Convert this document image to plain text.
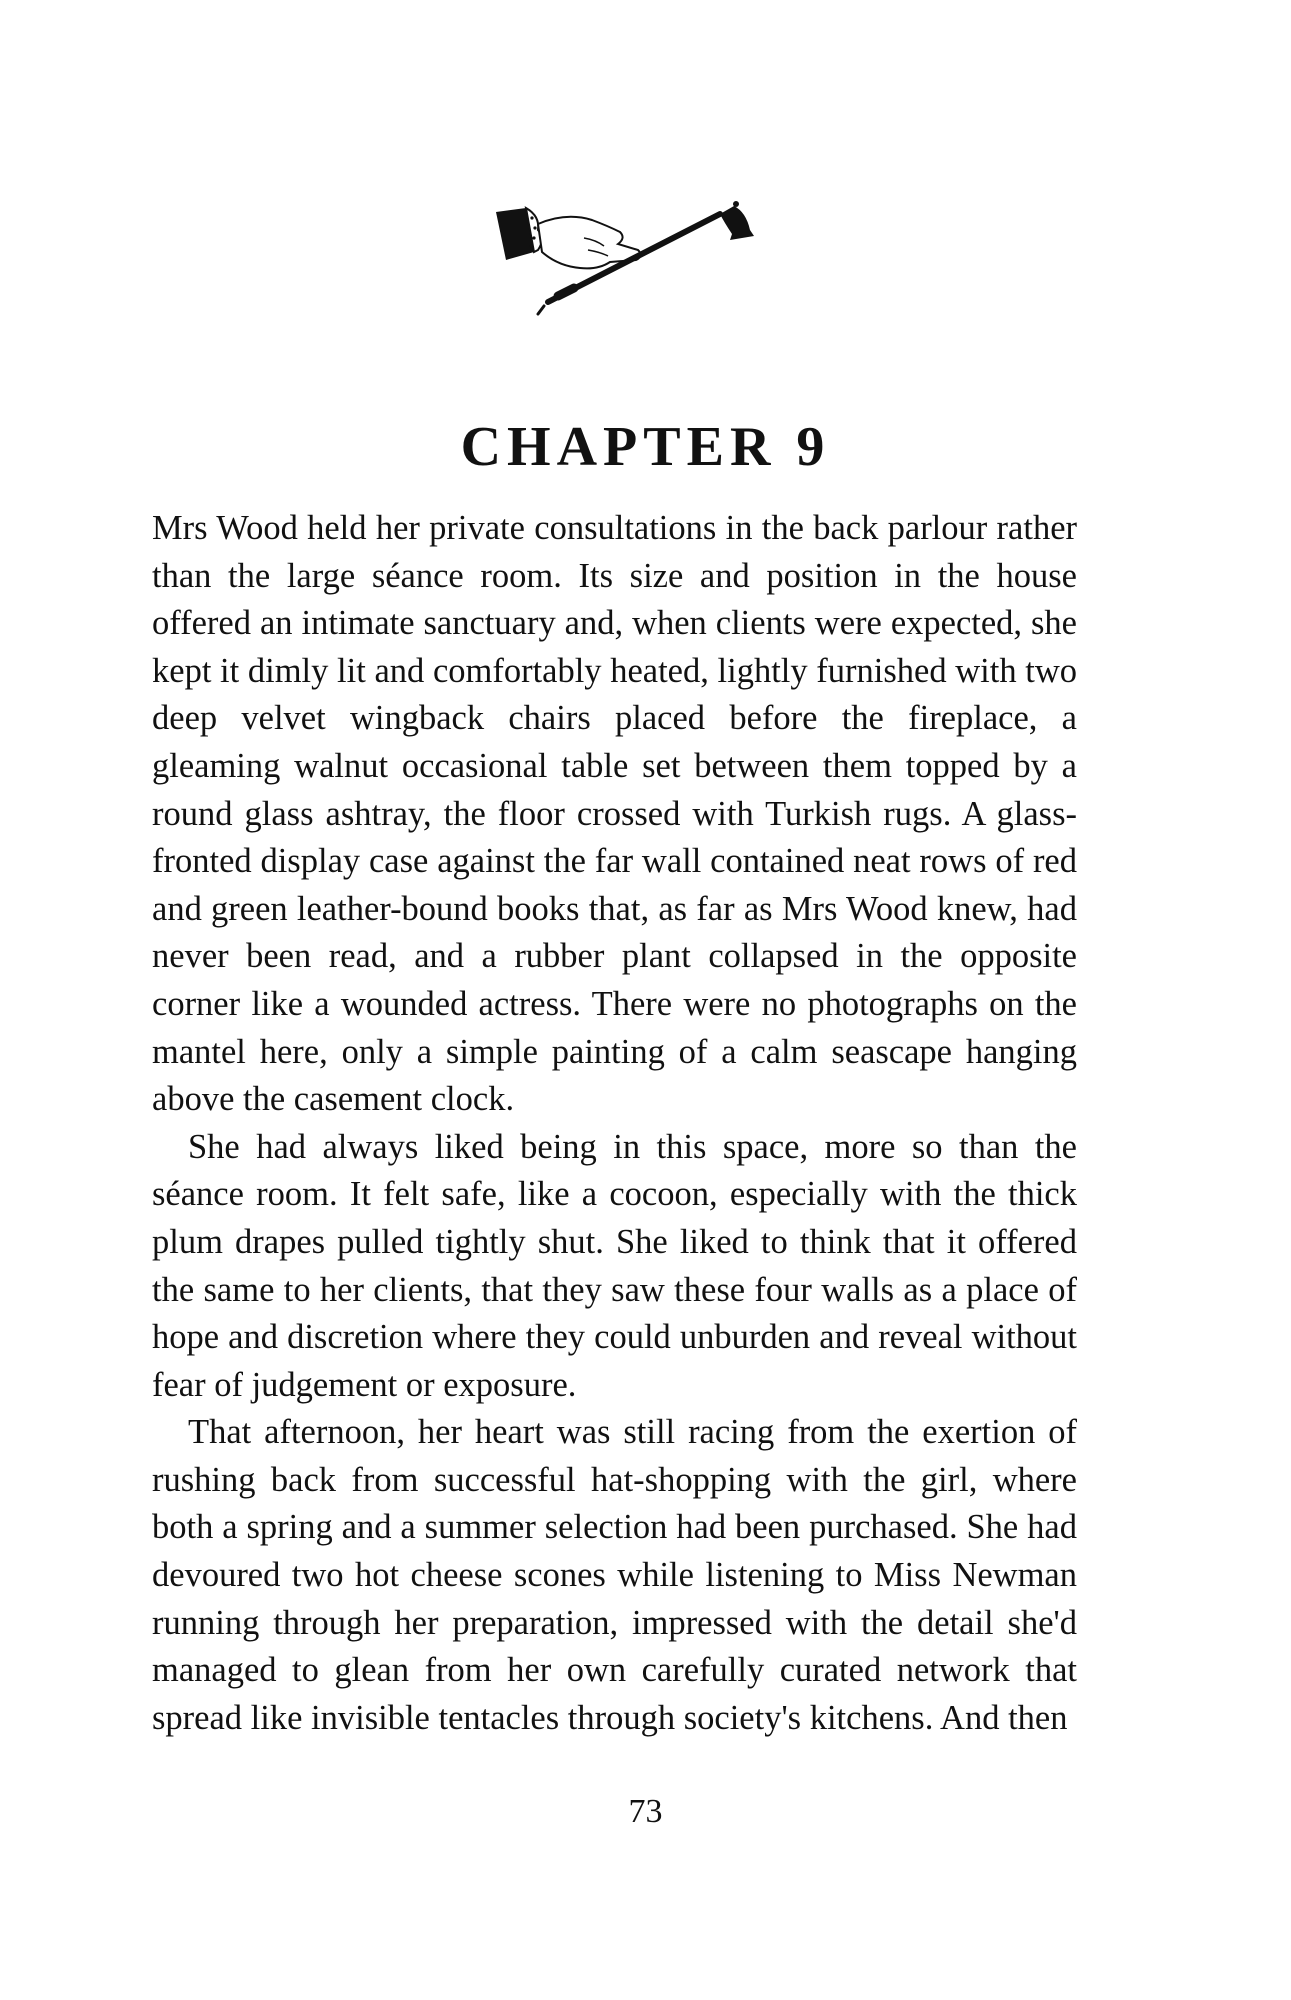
CHAPTER 9

Mrs Wood held her private consultations in the back parlour rather than the large séance room. Its size and position in the house offered an intimate sanctuary and, when clients were expected, she kept it dimly lit and comfortably heated, lightly furnished with two deep velvet wingback chairs placed before the fireplace, a gleaming walnut occasional table set between them topped by a round glass ashtray, the floor crossed with Turkish rugs. A glass-fronted display case against the far wall contained neat rows of red and green leather-bound books that, as far as Mrs Wood knew, had never been read, and a rubber plant collapsed in the opposite corner like a wounded actress. There were no photographs on the mantel here, only a simple painting of a calm seascape hanging above the casement clock.

She had always liked being in this space, more so than the séance room. It felt safe, like a cocoon, especially with the thick plum drapes pulled tightly shut. She liked to think that it offered the same to her clients, that they saw these four walls as a place of hope and discretion where they could unburden and reveal without fear of judgement or exposure.

That afternoon, her heart was still racing from the exertion of rushing back from successful hat-shopping with the girl, where both a spring and a summer selection had been purchased. She had devoured two hot cheese scones while listening to Miss Newman running through her preparation, impressed with the detail she'd managed to glean from her own carefully curated network that spread like invisible tentacles through society's kitchens. And then

73
